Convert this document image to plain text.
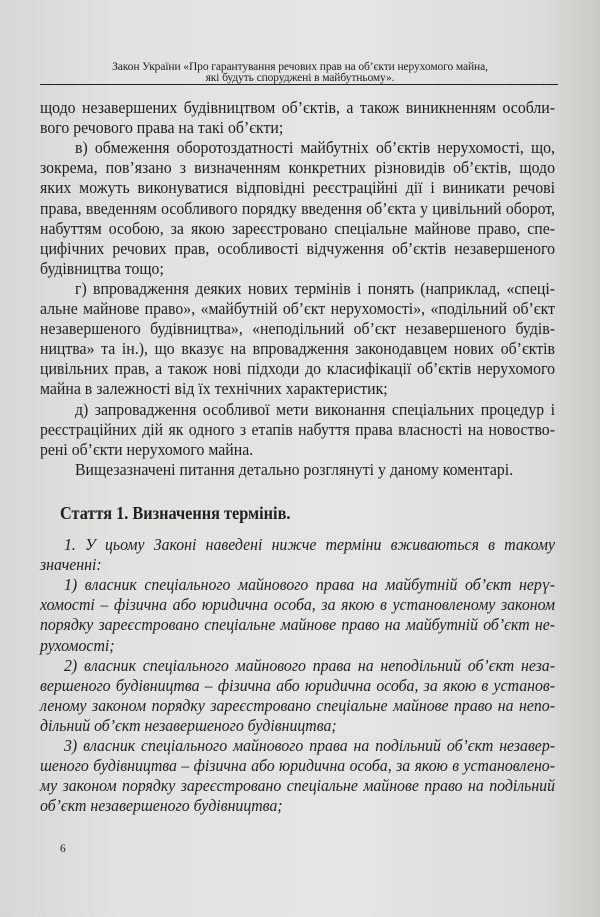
Закон України «Про гарантування речових прав на об’єкти нерухомого майна,
які будуть споруджені в майбутньому».
щодо незавершених будівництвом об’єктів, а також виникненням особли-
вого речового права на такі об’єкти;
в) обмеження оборотоздатності майбутніх об’єктів нерухомості, що,
зокрема, пов’язано з визначенням конкретних різновидів об’єктів, щодо
яких можуть виконуватися відповідні реєстраційні дії і виникати речові
права, введенням особливого порядку введення об’єкта у цивільний оборот,
набуттям особою, за якою зареєстровано спеціальне майнове право, спе-
цифічних речових прав, особливості відчуження об’єктів незавершеного
будівництва тощо;
г) впровадження деяких нових термінів і понять (наприклад, «спеці-
альне майнове право», «майбутній об’єкт нерухомості», «подільний об’єкт
незавершеного будівництва», «неподільний об’єкт незавершеного будів-
ництва» та ін.), що вказує на впровадження законодавцем нових об’єктів
цивільних прав, а також нові підходи до класифікації об’єктів нерухомого
майна в залежності від їх технічних характеристик;
д) запровадження особливої мети виконання спеціальних процедур і
реєстраційних дій як одного з етапів набуття права власності на новоство-
рені об’єкти нерухомого майна.
Вищезазначені питання детально розглянуті у даному коментарі.
Стаття 1. Визначення термінів.
1. У цьому Законі наведені нижче терміни вживаються в такому
значенні:
1) власник спеціального майнового права на майбутній об’єкт нерү-
хомості – фізична або юридична особа, за якою в установленому законом
порядку зареєстровано спеціальне майнове право на майбутній об’єкт не-
рухомості;
2) власник спеціального майнового права на неподільний об’єкт неза-
вершеного будівництва – фізична або юридична особа, за якою в установ-
леному законом порядку зареєстровано спеціальне майнове право на непо-
дільний об’єкт незавершеного будівництва;
3) власник спеціального майнового права на подільний об’єкт незавер-
шеного будівництва – фізична або юридична особа, за якою в установлено-
му законом порядку зареєстровано спеціальне майнове право на подільний
об’єкт незавершеного будівництва;
6
